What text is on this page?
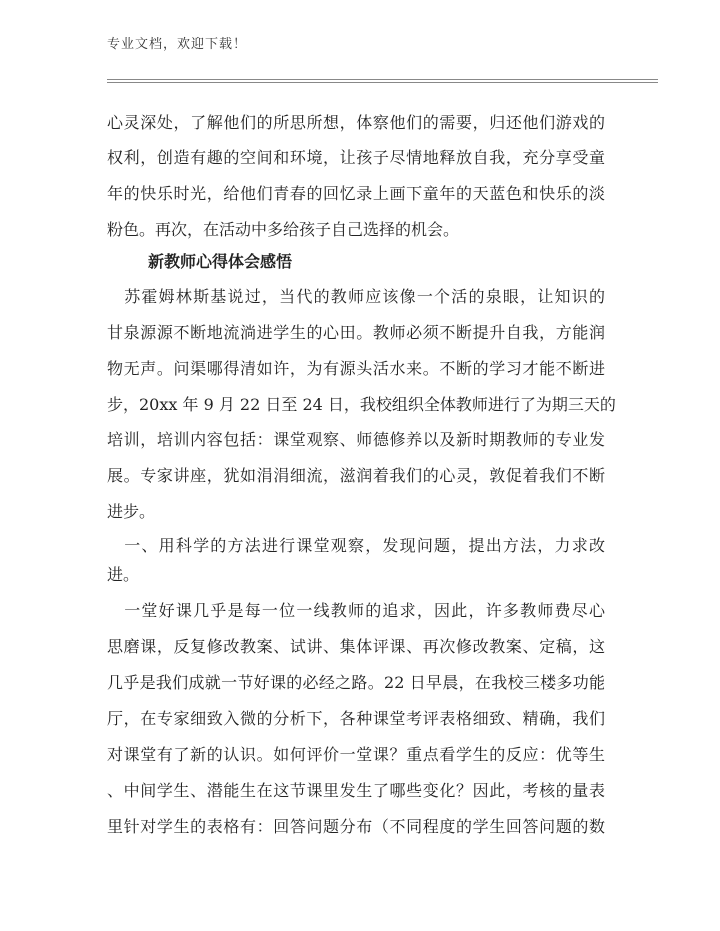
专业文档，欢迎下载！
心灵深处，了解他们的所思所想，体察他们的需要，归还他们游戏的
权利，创造有趣的空间和环境，让孩子尽情地释放自我，充分享受童
年的快乐时光，给他们青春的回忆录上画下童年的天蓝色和快乐的淡
粉色。再次，在活动中多给孩子自己选择的机会。
新教师心得体会感悟
　苏霍姆林斯基说过，当代的教师应该像一个活的泉眼，让知识的
甘泉源源不断地流淌进学生的心田。教师必须不断提升自我，方能润
物无声。问渠哪得清如许，为有源头活水来。不断的学习才能不断进
步，20xx 年 9 月 22 日至 24 日，我校组织全体教师进行了为期三天的
培训，培训内容包括：课堂观察、师德修养以及新时期教师的专业发
展。专家讲座，犹如涓涓细流，滋润着我们的心灵，敦促着我们不断
进步。
　一、用科学的方法进行课堂观察，发现问题，提出方法，力求改
进。
　一堂好课几乎是每一位一线教师的追求，因此，许多教师费尽心
思磨课，反复修改教案、试讲、集体评课、再次修改教案、定稿，这
几乎是我们成就一节好课的必经之路。22 日早晨，在我校三楼多功能
厅，在专家细致入微的分析下，各种课堂考评表格细致、精确，我们
对课堂有了新的认识。如何评价一堂课？重点看学生的反应：优等生
、中间学生、潜能生在这节课里发生了哪些变化？因此，考核的量表
里针对学生的表格有：回答问题分布（不同程度的学生回答问题的数
